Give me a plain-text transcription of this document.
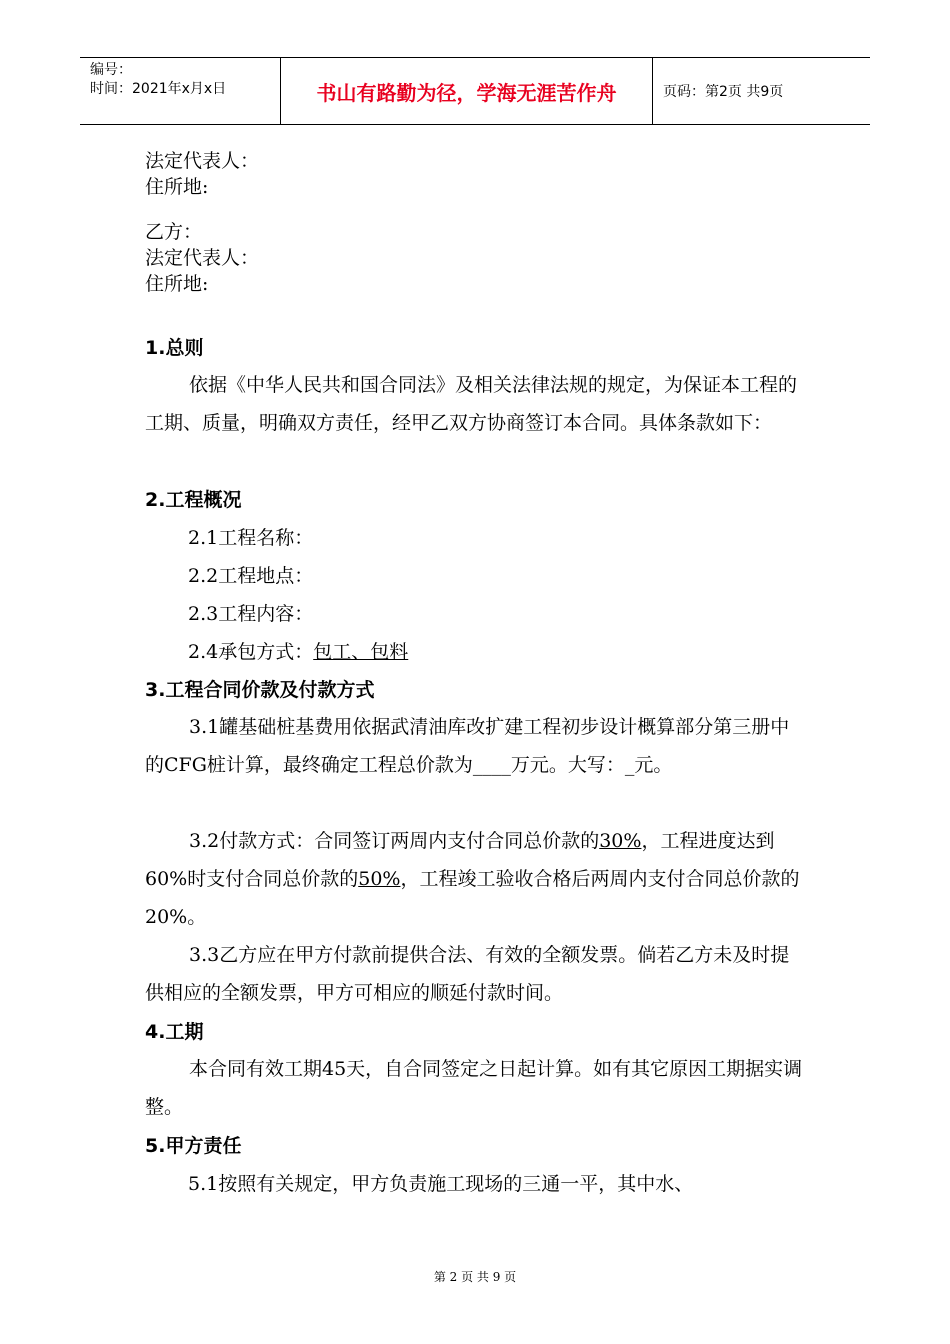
编号：
时间：2021年x月x日	书山有路勤为径，学海无涯苦作舟	页码：第2页 共9页
法定代表人：
住所地:
乙方：
法定代表人：
住所地:
1.总则
依据《中华人民共和国合同法》及相关法律法规的规定，为保证本工程的工期、质量，明确双方责任，经甲乙双方协商签订本合同。具体条款如下：
2.工程概况
2.1工程名称：
2.2工程地点：
2.3工程内容：
2.4承包方式：包工、包料
3.工程合同价款及付款方式
3.1罐基础桩基费用依据武清油库改扩建工程初步设计概算部分第三册中的CFG桩计算，最终确定工程总价款为____万元。大写：_元。
3.2付款方式：合同签订两周内支付合同总价款的30%，工程进度达到60%时支付合同总价款的50%，工程竣工验收合格后两周内支付合同总价款的20%。
3.3乙方应在甲方付款前提供合法、有效的全额发票。倘若乙方未及时提供相应的全额发票，甲方可相应的顺延付款时间。
4.工期
本合同有效工期45天，自合同签定之日起计算。如有其它原因工期据实调整。
5.甲方责任
5.1按照有关规定，甲方负责施工现场的三通一平，其中水、
第 2 页 共 9 页
